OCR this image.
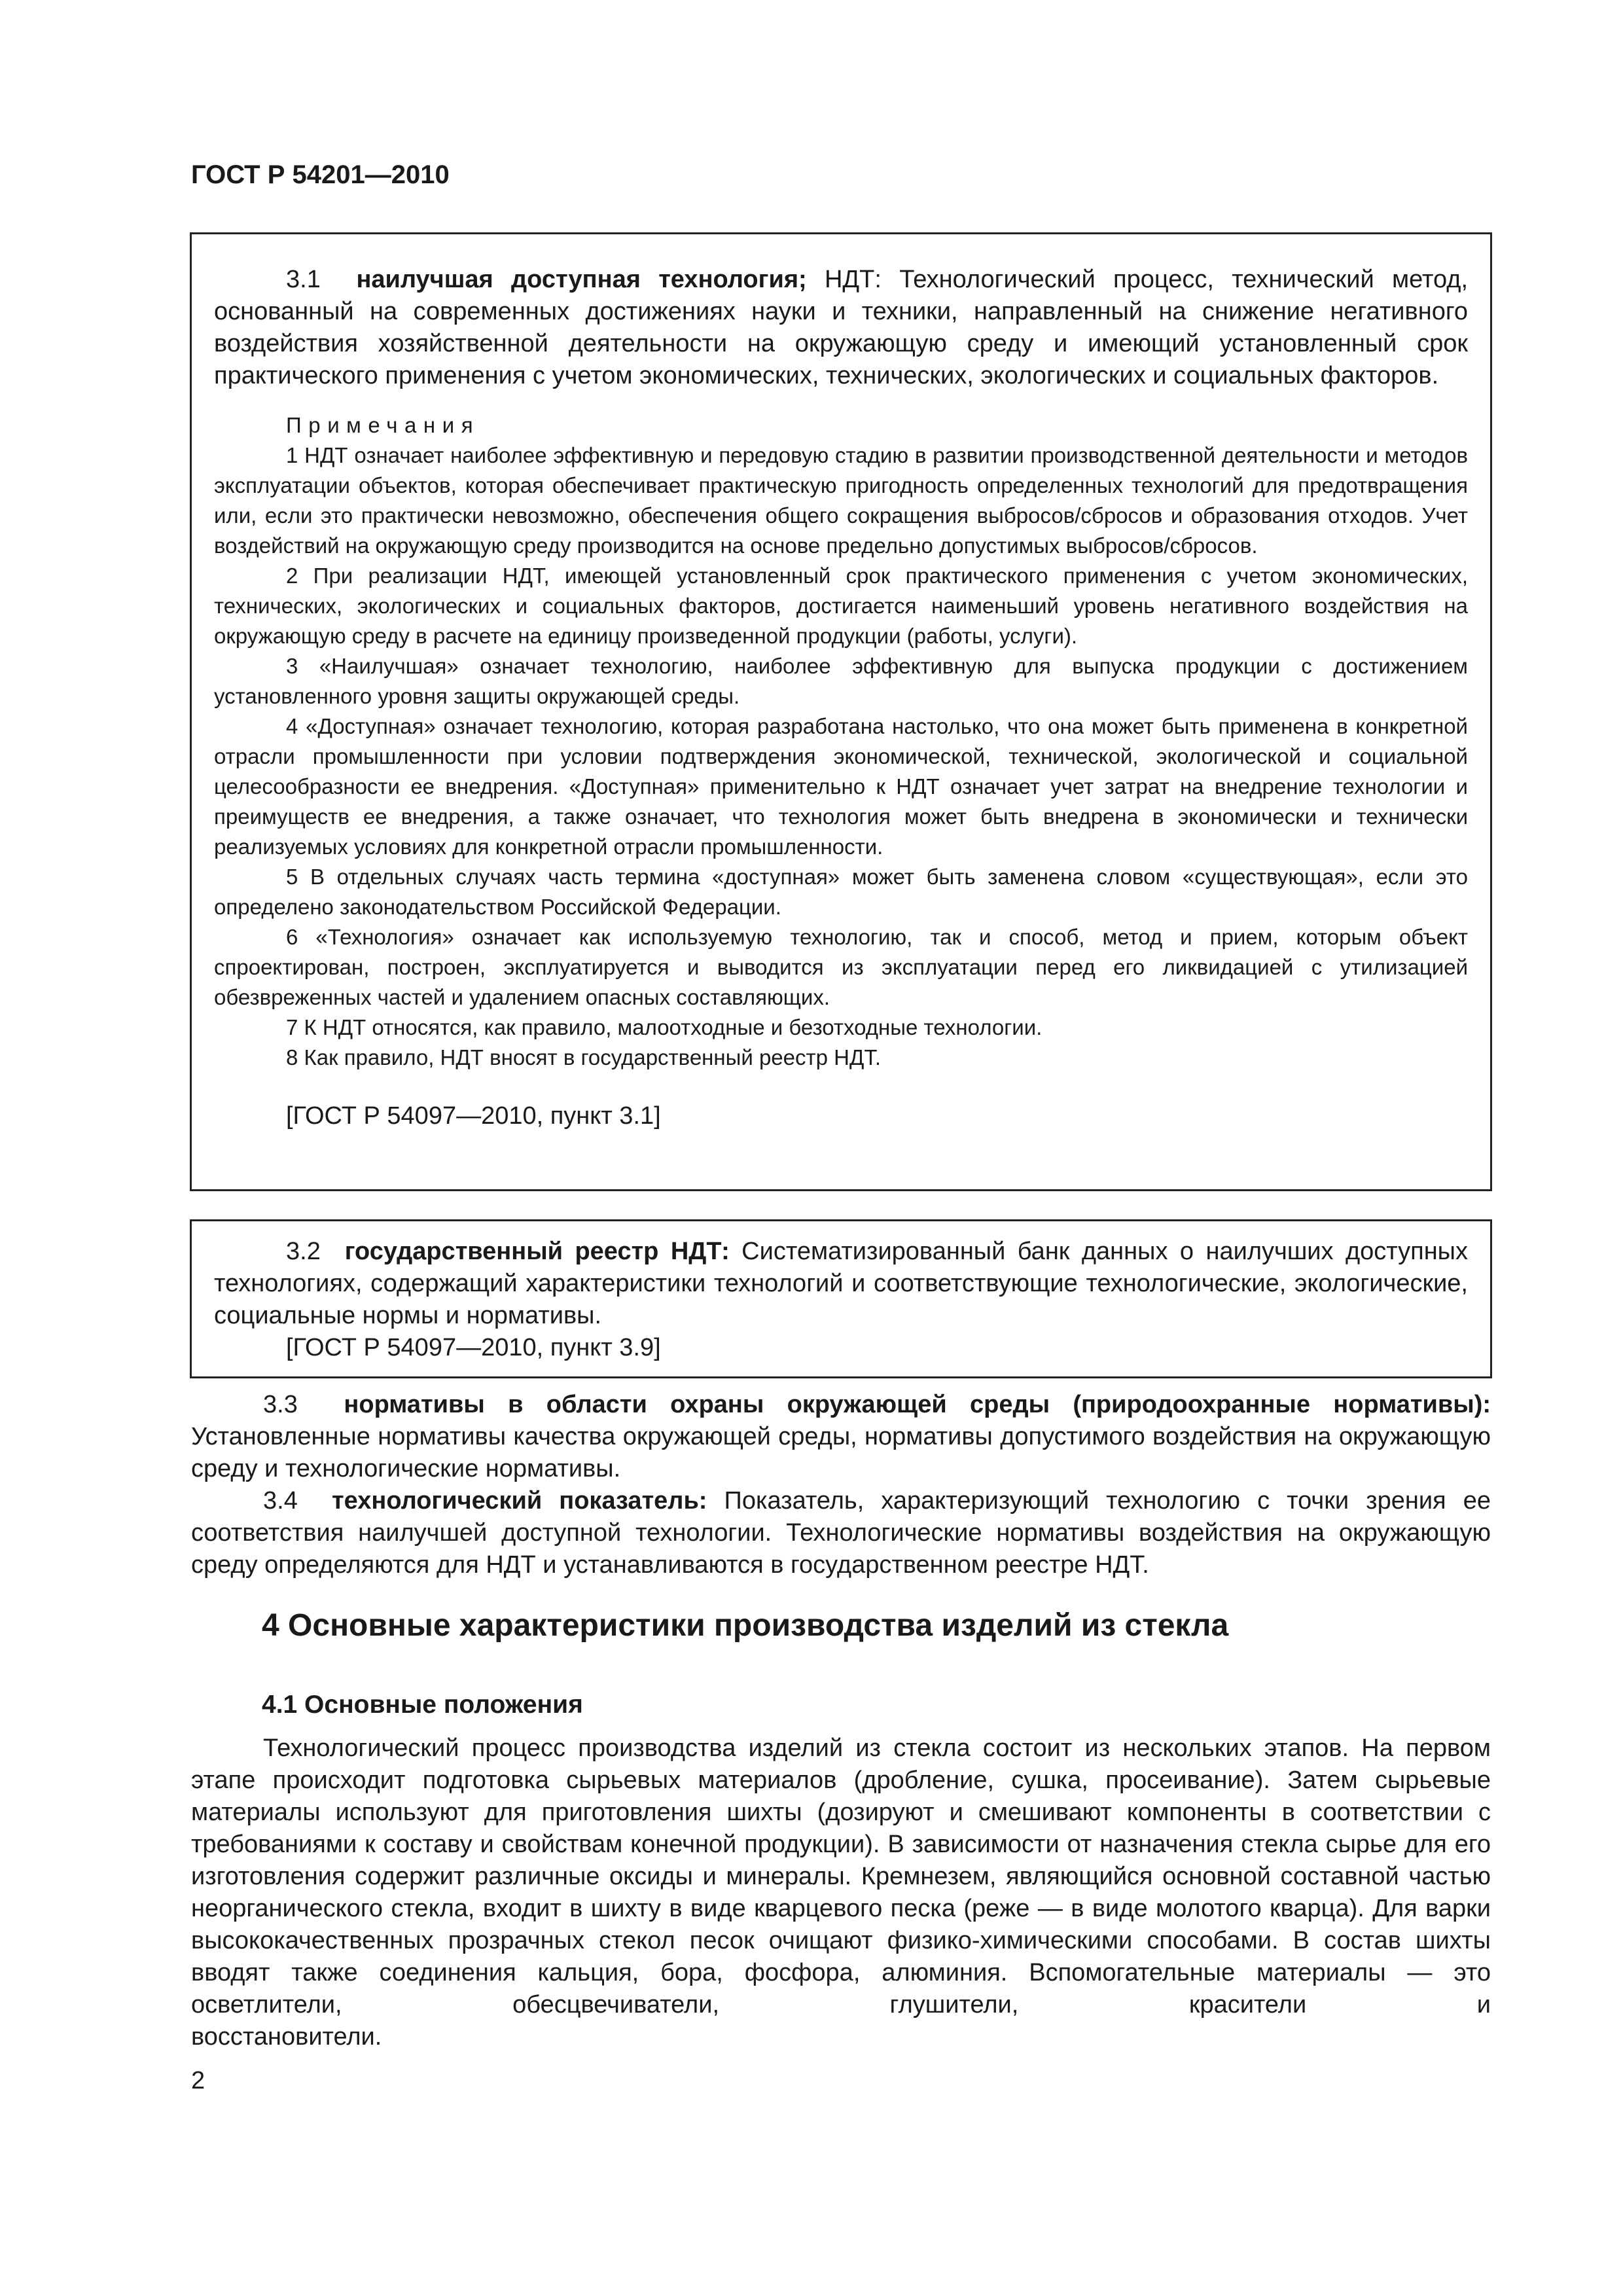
ГОСТ Р 54201—2010

3.1 наилучшая доступная технология; НДТ: Технологический процесс, технический метод, основанный на современных достижениях науки и техники, направленный на снижение негативного воздействия хозяйственной деятельности на окружающую среду и имеющий установленный срок практического применения с учетом экономических, технических, экологических и социальных факторов.

Примечания

1 НДТ означает наиболее эффективную и передовую стадию в развитии производственной деятельности и методов эксплуатации объектов, которая обеспечивает практическую пригодность определенных технологий для предотвращения или, если это практически невозможно, обеспечения общего сокращения выбросов/сбросов и образования отходов. Учет воздействий на окружающую среду производится на основе предельно допустимых выбросов/сбросов.

2 При реализации НДТ, имеющей установленный срок практического применения с учетом экономических, технических, экологических и социальных факторов, достигается наименьший уровень негативного воздействия на окружающую среду в расчете на единицу произведенной продукции (работы, услуги).

3 «Наилучшая» означает технологию, наиболее эффективную для выпуска продукции с достижением установленного уровня защиты окружающей среды.

4 «Доступная» означает технологию, которая разработана настолько, что она может быть применена в конкретной отрасли промышленности при условии подтверждения экономической, технической, экологической и социальной целесообразности ее внедрения. «Доступная» применительно к НДТ означает учет затрат на внедрение технологии и преимуществ ее внедрения, а также означает, что технология может быть внедрена в экономически и технически реализуемых условиях для конкретной отрасли промышленности.

5 В отдельных случаях часть термина «доступная» может быть заменена словом «существующая», если это определено законодательством Российской Федерации.

6 «Технология» означает как используемую технологию, так и способ, метод и прием, которым объект спроектирован, построен, эксплуатируется и выводится из эксплуатации перед его ликвидацией с утилизацией обезвреженных частей и удалением опасных составляющих.

7 К НДТ относятся, как правило, малоотходные и безотходные технологии.

8 Как правило, НДТ вносят в государственный реестр НДТ.

[ГОСТ Р 54097—2010, пункт 3.1]

3.2 государственный реестр НДТ: Систематизированный банк данных о наилучших доступных технологиях, содержащий характеристики технологий и соответствующие технологические, экологические, социальные нормы и нормативы.

[ГОСТ Р 54097—2010, пункт 3.9]

3.3 нормативы в области охраны окружающей среды (природоохранные нормативы): Установленные нормативы качества окружающей среды, нормативы допустимого воздействия на окружающую среду и технологические нормативы.

3.4 технологический показатель: Показатель, характеризующий технологию с точки зрения ее соответствия наилучшей доступной технологии. Технологические нормативы воздействия на окружающую среду определяются для НДТ и устанавливаются в государственном реестре НДТ.

4 Основные характеристики производства изделий из стекла
4.1 Основные положения

Технологический процесс производства изделий из стекла состоит из нескольких этапов. На первом этапе происходит подготовка сырьевых материалов (дробление, сушка, просеивание). Затем сырьевые материалы используют для приготовления шихты (дозируют и смешивают компоненты в соответствии с требованиями к составу и свойствам конечной продукции). В зависимости от назначения стекла сырье для его изготовления содержит различные оксиды и минералы. Кремнезем, являющийся основной составной частью неорганического стекла, входит в шихту в виде кварцевого песка (реже — в виде молотого кварца). Для варки высококачественных прозрачных стекол песок очищают физико-химическими способами. В состав шихты вводят также соединения кальция, бора, фосфора, алюминия. Вспомогательные материалы — это осветлители, обесцвечиватели, глушители, красители и

восстановители.

2
